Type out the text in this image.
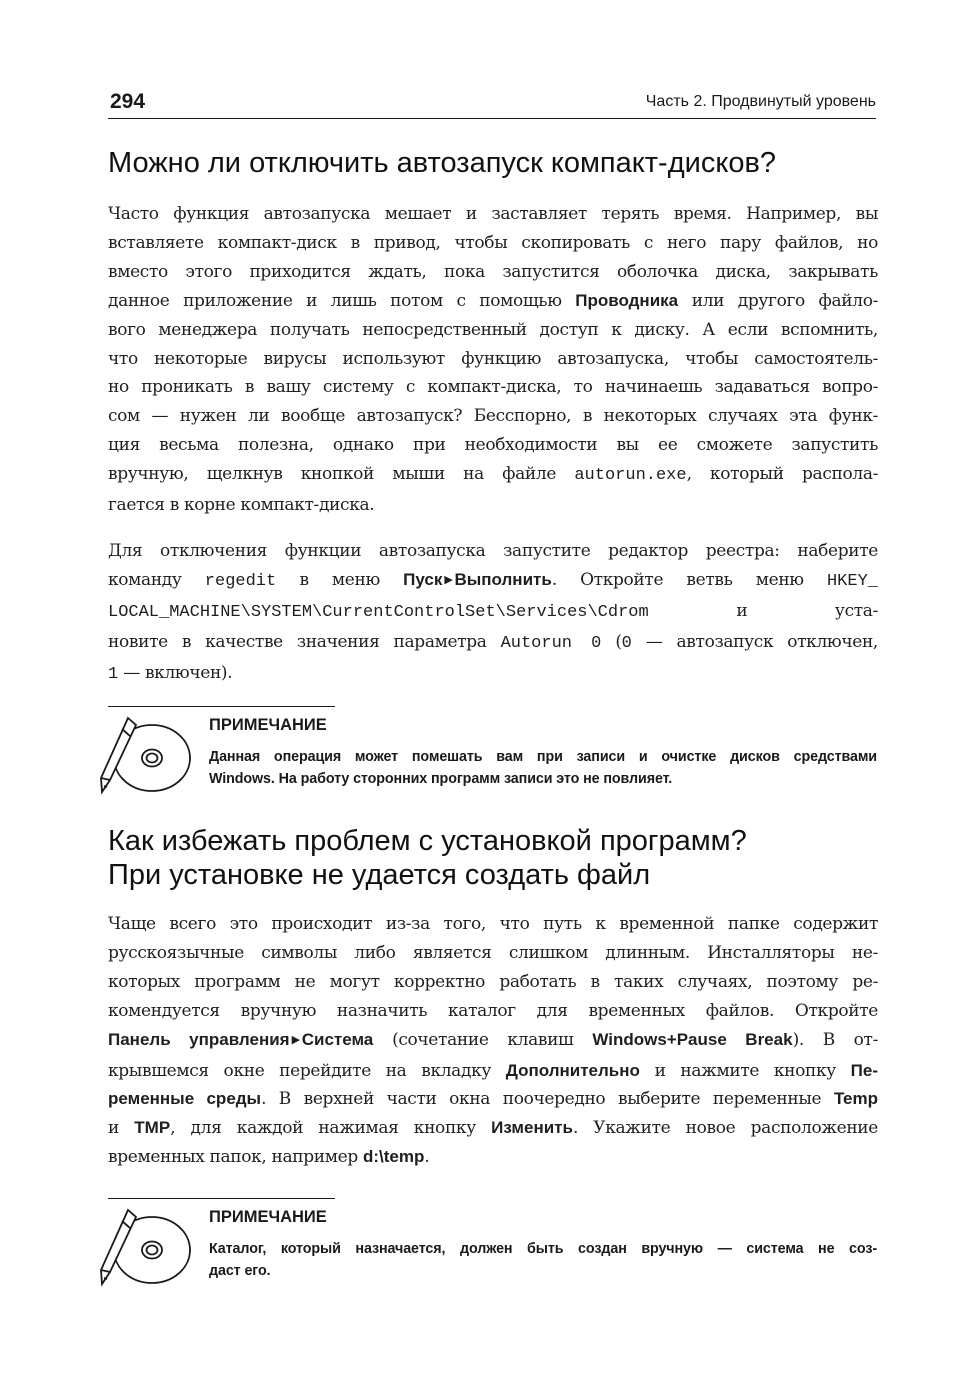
294	Часть 2. Продвинутый уровень
Можно ли отключить автозапуск компакт-дисков?
Часто функция автозапуска мешает и заставляет терять время. Например, вы
вставляете компакт-диск в привод, чтобы скопировать с него пару файлов, но
вместо этого приходится ждать, пока запустится оболочка диска, закрывать
данное приложение и лишь потом с помощью Проводника или другого файло-
вого менеджера получать непосредственный доступ к диску. А если вспомнить,
что некоторые вирусы используют функцию автозапуска, чтобы самостоятель-
но проникать в вашу систему с компакт-диска, то начинаешь задаваться вопро-
сом — нужен ли вообще автозапуск? Бесспорно, в некоторых случаях эта функ-
ция весьма полезна, однако при необходимости вы ее сможете запустить
вручную, щелкнув кнопкой мыши на файле autorun.exe, который распола-
гается в корне компакт-диска.
Для отключения функции автозапуска запустите редактор реестра: наберите
команду regedit в меню Пуск ▶ Выполнить. Откройте ветвь меню HKEY_
LOCAL_MACHINE\SYSTEM\CurrentControlSet\Services\Cdrom и уста-
новите в качестве значения параметра Autorun 0 (0 — автозапуск отключен,
1 — включен).
ПРИМЕЧАНИЕ
Данная операция может помешать вам при записи и очистке дисков средствами
Windows. На работу сторонних программ записи это не повлияет.
Как избежать проблем с установкой программ?
При установке не удается создать файл
Чаще всего это происходит из-за того, что путь к временной папке содержит
русскоязычные символы либо является слишком длинным. Инсталляторы не-
которых программ не могут корректно работать в таких случаях, поэтому ре-
комендуется вручную назначить каталог для временных файлов. Откройте
Панель управления ▶ Система (сочетание клавиш Windows+Pause Break). В от-
крывшемся окне перейдите на вкладку Дополнительно и нажмите кнопку Пе-
ременные среды. В верхней части окна поочередно выберите переменные Temp
и TMP, для каждой нажимая кнопку Изменить. Укажите новое расположение
временных папок, например d:\temp.
ПРИМЕЧАНИЕ
Каталог, который назначается, должен быть создан вручную — система не соз-
даст его.
